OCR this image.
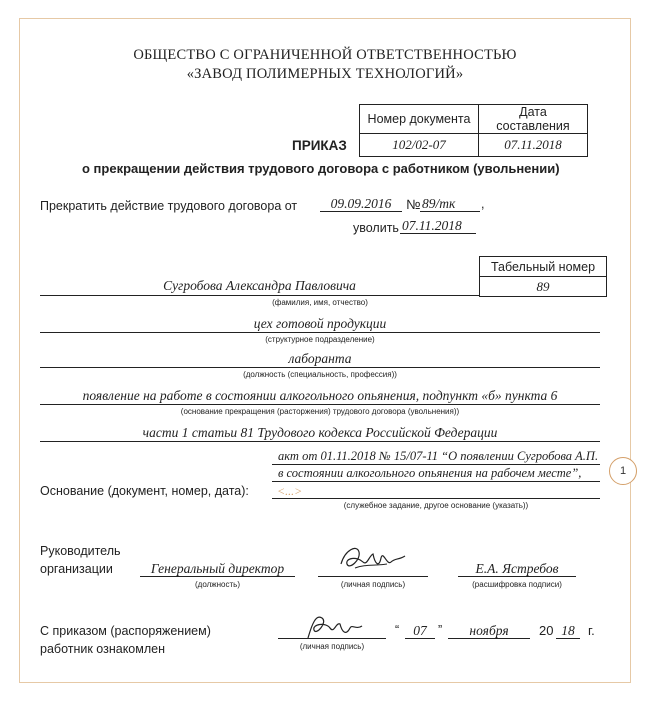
ОБЩЕСТВО С ОГРАНИЧЕННОЙ ОТВЕТСТВЕННОСТЬЮ
«ЗАВОД ПОЛИМЕРНЫХ ТЕХНОЛОГИЙ»
Номер документа	Дата составления
102/02-07	07.11.2018
ПРИКАЗ
о прекращении действия трудового договора с работником (увольнении)
Прекратить действие трудового договора от	09.09.2016	№ 89/тк ,
уволить 07.11.2018
Табельный номер
89
Сугробова Александра Павловича
(фамилия, имя, отчество)
цех готовой продукции
(структурное подразделение)
лаборанта
(должность (специальность, профессия))
появление на работе в состоянии алкогольного опьянения, подпункт «б» пункта 6
(основание прекращения (расторжения) трудового договора (увольнения))
части 1 статьи 81 Трудового кодекса Российской Федерации
акт от 01.11.2018 № 15/07-11 “О появлении Сугробова А.П.
в состоянии алкогольного опьянения на рабочем месте”,
Основание (документ, номер, дата): <...>
(служебное задание, другое основание (указать))
1
Руководитель
организации	Генеральный директор
(должность)	(личная подпись)
Е.А. Ястребов
(расшифровка подписи)
С приказом (распоряжением)
работник ознакомлен	(личная подпись)
“	07 ”	ноября	20 18	г.
